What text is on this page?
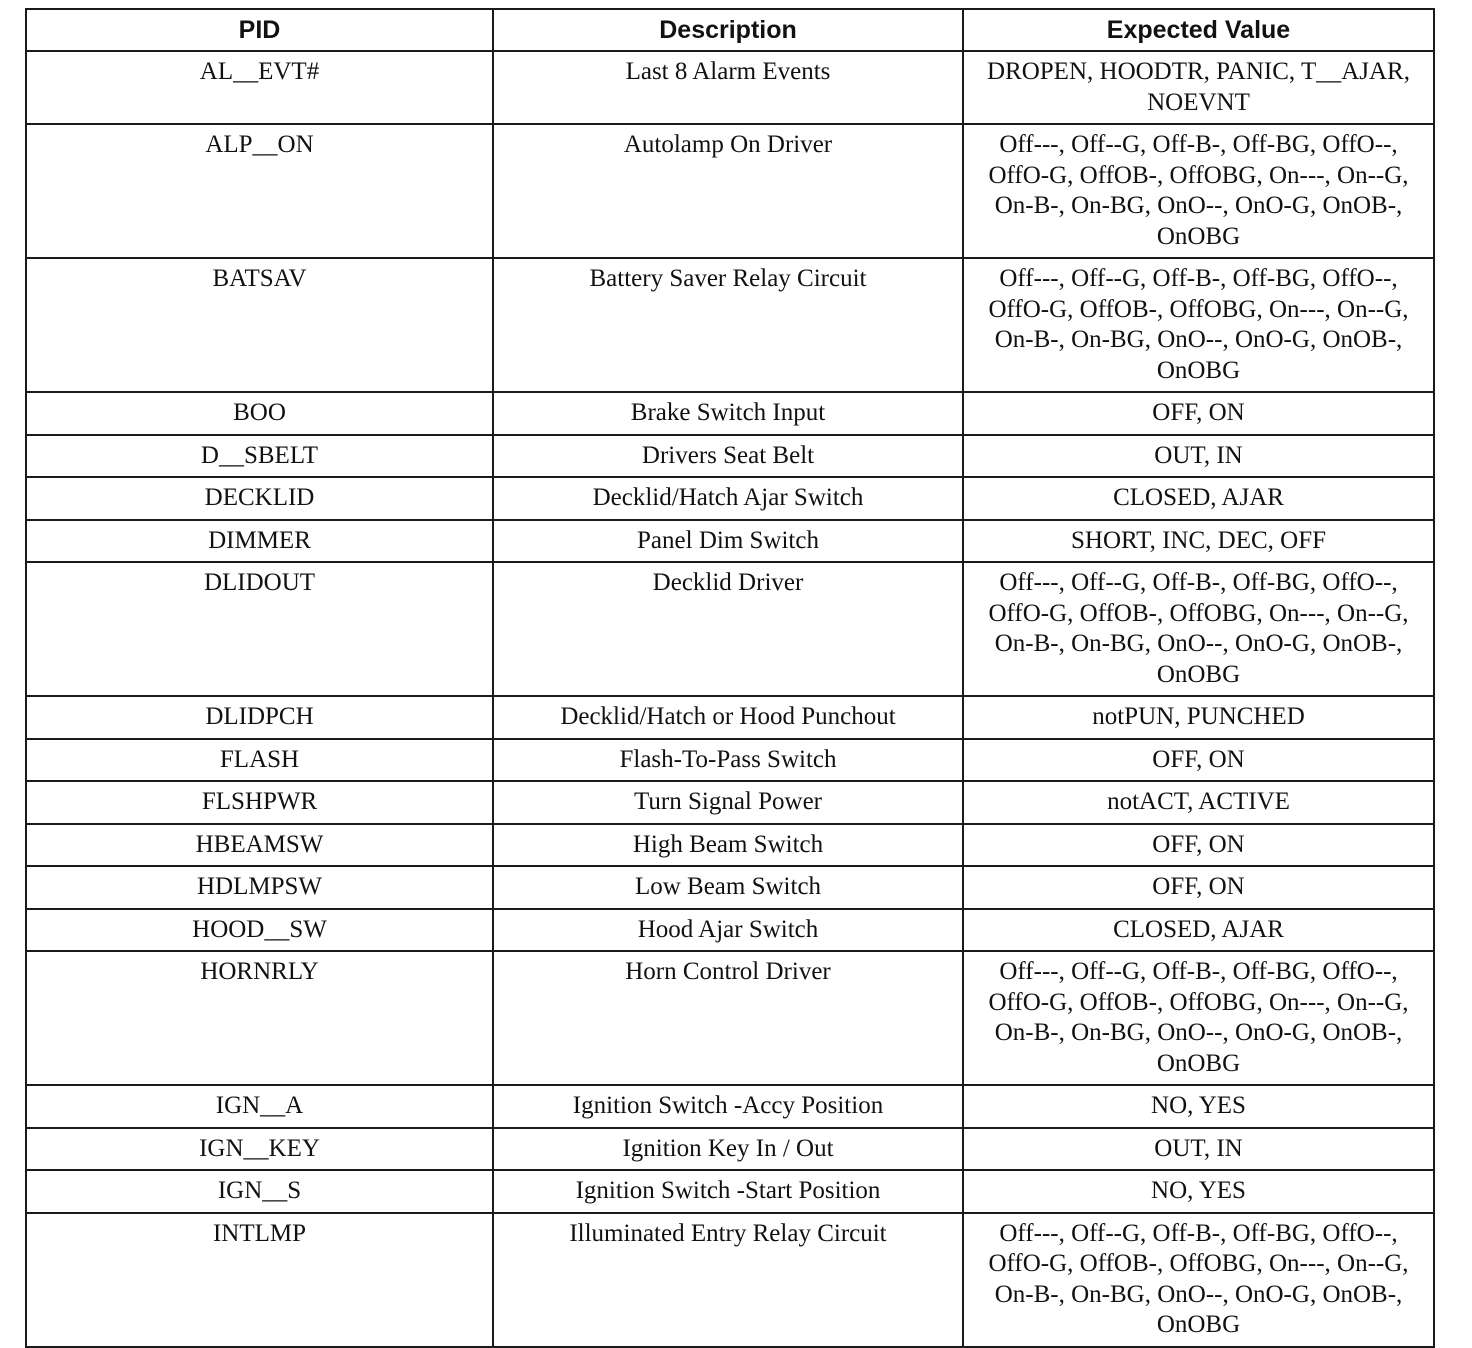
PID	Description	Expected Value
AL__EVT#	Last 8 Alarm Events	DROPEN, HOODTR, PANIC, T__AJAR, NOEVNT
ALP__ON	Autolamp On Driver	Off---, Off--G, Off-B-, Off-BG, OffO--, OffO-G, OffOB-, OffOBG, On---, On--G, On-B-, On-BG, OnO--, OnO-G, OnOB-, OnOBG
BATSAV	Battery Saver Relay Circuit	Off---, Off--G, Off-B-, Off-BG, OffO--, OffO-G, OffOB-, OffOBG, On---, On--G, On-B-, On-BG, OnO--, OnO-G, OnOB-, OnOBG
BOO	Brake Switch Input	OFF, ON
D__SBELT	Drivers Seat Belt	OUT, IN
DECKLID	Decklid/Hatch Ajar Switch	CLOSED, AJAR
DIMMER	Panel Dim Switch	SHORT, INC, DEC, OFF
DLIDOUT	Decklid Driver	Off---, Off--G, Off-B-, Off-BG, OffO--, OffO-G, OffOB-, OffOBG, On---, On--G, On-B-, On-BG, OnO--, OnO-G, OnOB-, OnOBG
DLIDPCH	Decklid/Hatch or Hood Punchout	notPUN, PUNCHED
FLASH	Flash-To-Pass Switch	OFF, ON
FLSHPWR	Turn Signal Power	notACT, ACTIVE
HBEAMSW	High Beam Switch	OFF, ON
HDLMPSW	Low Beam Switch	OFF, ON
HOOD__SW	Hood Ajar Switch	CLOSED, AJAR
HORNRLY	Horn Control Driver	Off---, Off--G, Off-B-, Off-BG, OffO--, OffO-G, OffOB-, OffOBG, On---, On--G, On-B-, On-BG, OnO--, OnO-G, OnOB-, OnOBG
IGN__A	Ignition Switch -Accy Position	NO, YES
IGN__KEY	Ignition Key In / Out	OUT, IN
IGN__S	Ignition Switch -Start Position	NO, YES
INTLMP	Illuminated Entry Relay Circuit	Off---, Off--G, Off-B-, Off-BG, OffO--, OffO-G, OffOB-, OffOBG, On---, On--G, On-B-, On-BG, OnO--, OnO-G, OnOB-, OnOBG
